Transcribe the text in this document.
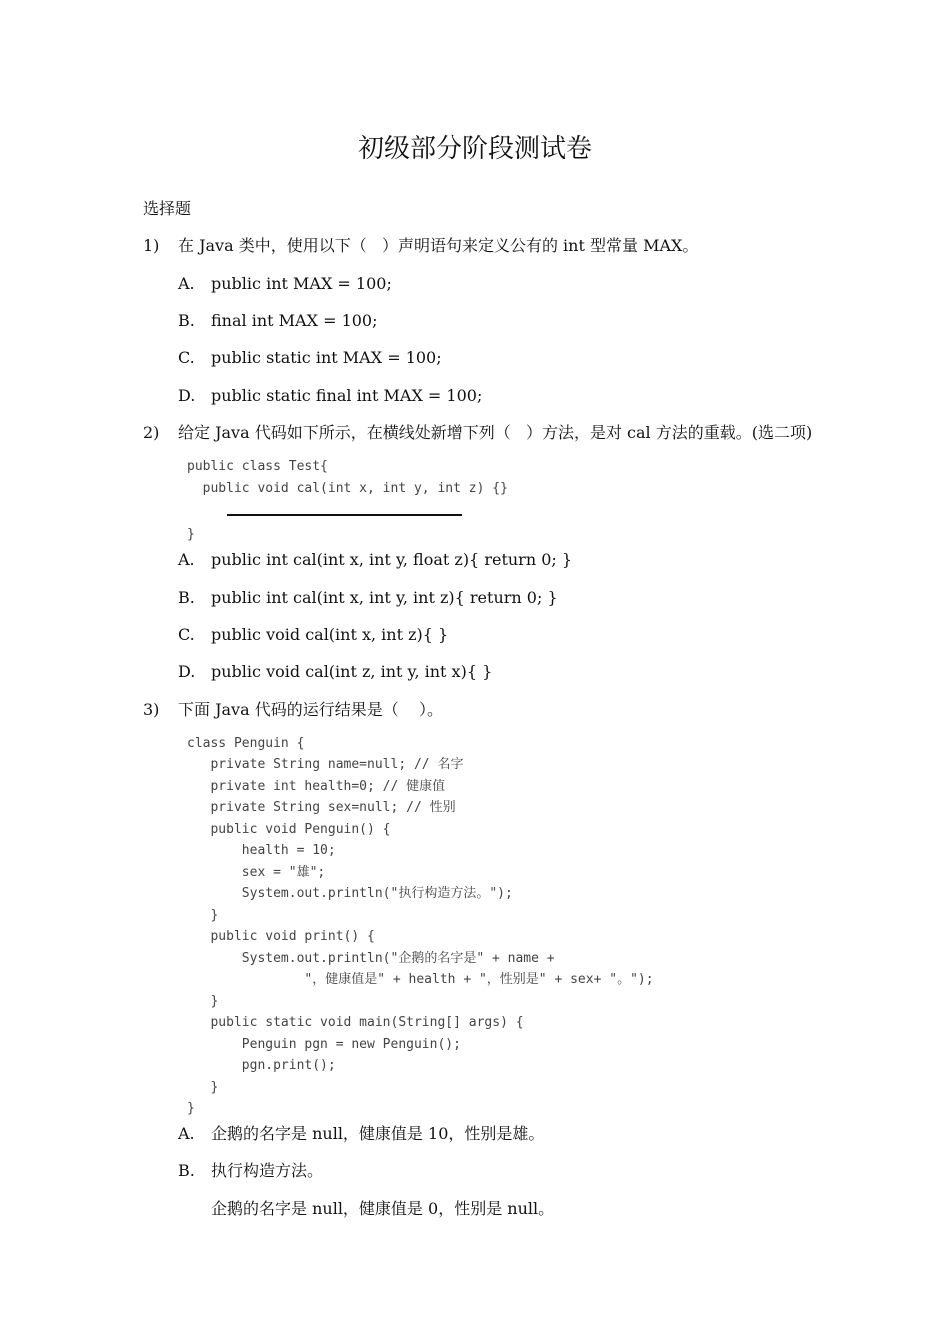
初级部分阶段测试卷
选择题
1) 在 Java 类中，使用以下（   ）声明语句来定义公有的 int 型常量 MAX。
A. public int MAX = 100;
B. final int MAX = 100;
C. public static int MAX = 100;
D. public static final int MAX = 100;
2) 给定 Java 代码如下所示，在横线处新增下列（   ）方法，是对 cal 方法的重载。(选二项)
public class Test{
public void cal(int x, int y, int z) {}
}
A. public int cal(int x, int y, float z){ return 0; }
B. public int cal(int x, int y, int z){ return 0; }
C. public void cal(int x, int z){ }
D. public void cal(int z, int y, int x){ }
3) 下面 Java 代码的运行结果是（    ）。
class Penguin {
private String name=null; // 名字
private int health=0; // 健康值
private String sex=null; // 性别
public void Penguin() {
health = 10;
sex = "雄";
System.out.println("执行构造方法。");
}
public void print() {
System.out.println("企鹅的名字是" + name +
"，健康值是" + health + "，性别是" + sex+ "。");
}
public static void main(String[] args) {
Penguin pgn = new Penguin();
pgn.print();
}
}
A. 企鹅的名字是 null，健康值是 10，性别是雄。
B. 执行构造方法。
企鹅的名字是 null，健康值是 0，性别是 null。
